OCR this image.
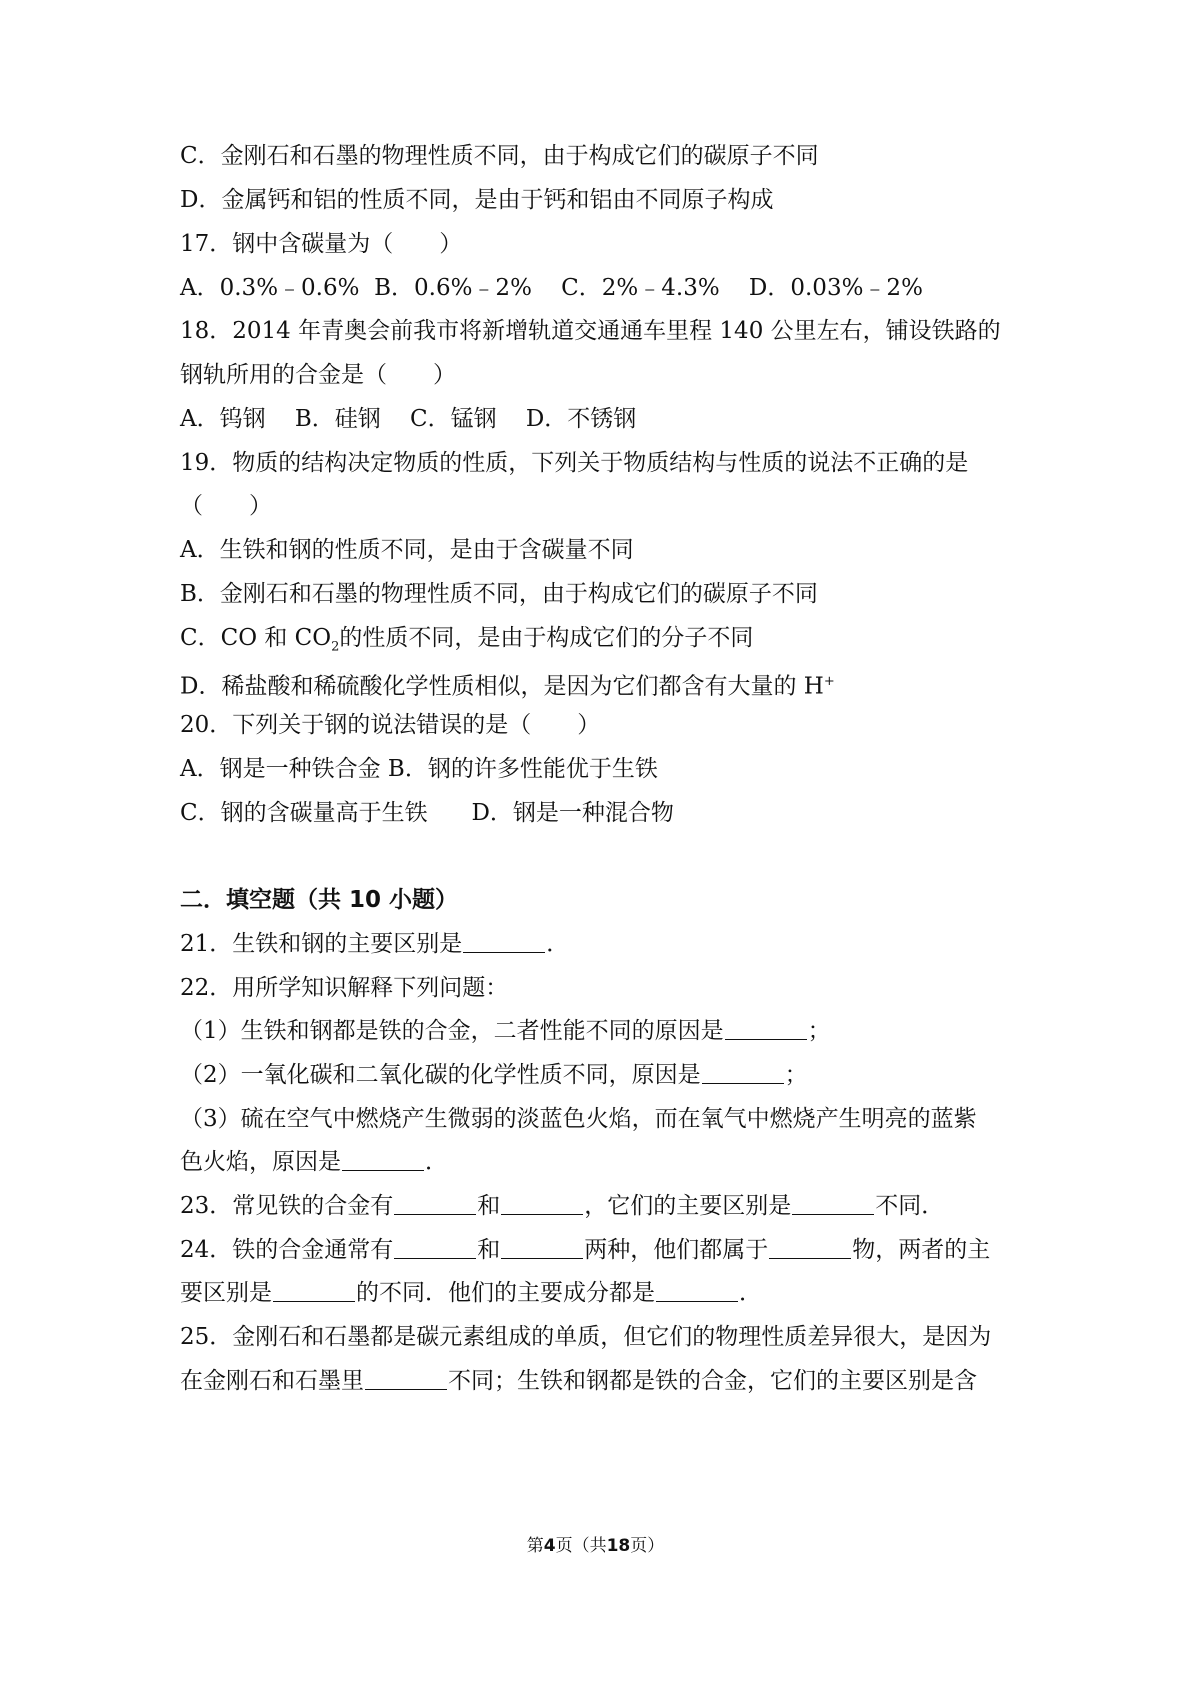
C．金刚石和石墨的物理性质不同，由于构成它们的碳原子不同
D．金属钙和铝的性质不同，是由于钙和铝由不同原子构成
17．钢中含碳量为（　　）
A．0.3%﹣0.6%  B．0.6%﹣2%    C．2%﹣4.3%    D．0.03%﹣2%
18．2014 年青奥会前我市将新增轨道交通通车里程 140 公里左右，铺设铁路的
钢轨所用的合金是（　　）
A．钨钢    B．硅钢    C．锰钢    D．不锈钢
19．物质的结构决定物质的性质，下列关于物质结构与性质的说法不正确的是
（　　）
A．生铁和钢的性质不同，是由于含碳量不同
B．金刚石和石墨的物理性质不同，由于构成它们的碳原子不同
C．CO 和 $CO_2$的性质不同，是由于构成它们的分子不同
D．稀盐酸和稀硫酸化学性质相似，是因为它们都含有大量的 H+
20．下列关于钢的说法错误的是（　　）
A．钢是一种铁合金 B．钢的许多性能优于生铁
C．钢的含碳量高于生铁      D．钢是一种混合物
二．填空题（共 10 小题）
21．生铁和钢的主要区别是	．
22．用所学知识解释下列问题：
（1）生铁和钢都是铁的合金，二者性能不同的原因是	；
（2）一氧化碳和二氧化碳的化学性质不同，原因是	；
（3）硫在空气中燃烧产生微弱的淡蓝色火焰，而在氧气中燃烧产生明亮的蓝紫
色火焰，原因是	．
23．常见铁的合金有	和	，它们的主要区别是	不同．
24．铁的合金通常有	和	两种，他们都属于	物，两者的主
要区别是	的不同．他们的主要成分都是	．
25．金刚石和石墨都是碳元素组成的单质，但它们的物理性质差异很大，是因为
在金刚石和石墨里	不同；生铁和钢都是铁的合金，它们的主要区别是含
第4页（共18页）
